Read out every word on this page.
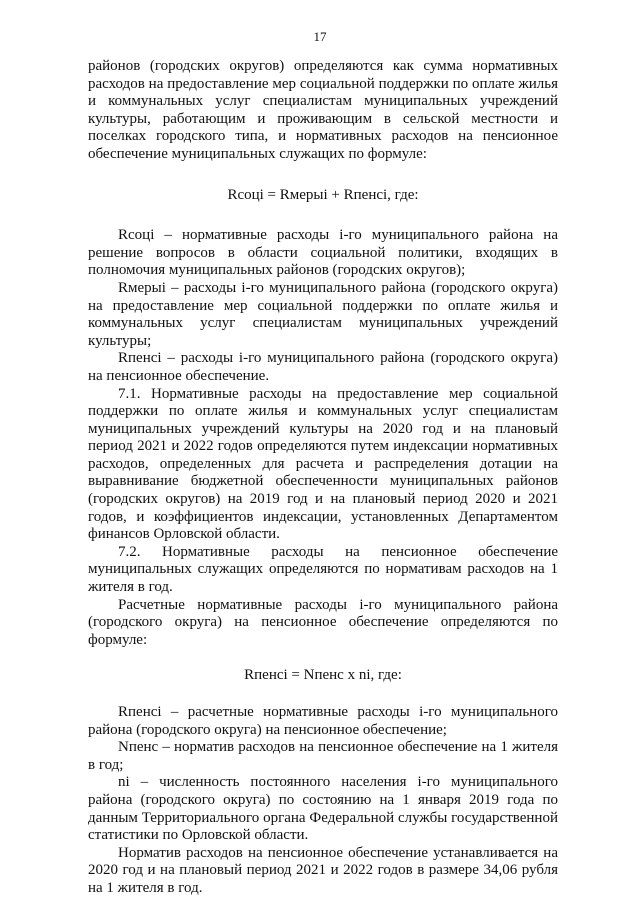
17

районов (городских округов) определяются как сумма нормативных расходов на предоставление мер социальной поддержки по оплате жилья и коммунальных услуг специалистам муниципальных учреждений культуры, работающим и проживающим в сельской местности и поселках городского типа, и нормативных расходов на пенсионное обеспечение муниципальных служащих по формуле:

Rсоцi = Rмерыi + Rпенсi, где:

Rсоцi – нормативные расходы i-го муниципального района на решение вопросов в области социальной политики, входящих в полномочия муниципальных районов (городских округов);

Rмерыi – расходы i-го муниципального района (городского округа) на предоставление мер социальной поддержки по оплате жилья и коммунальных услуг специалистам муниципальных учреждений культуры;

Rпенсi – расходы i-го муниципального района (городского округа) на пенсионное обеспечение.

7.1. Нормативные расходы на предоставление мер социальной поддержки по оплате жилья и коммунальных услуг специалистам муниципальных учреждений культуры на 2020 год и на плановый период 2021 и 2022 годов определяются путем индексации нормативных расходов, определенных для расчета и распределения дотации на выравнивание бюджетной обеспеченности муниципальных районов (городских округов) на 2019 год и на плановый период 2020 и 2021 годов, и коэффициентов индексации, установленных Департаментом финансов Орловской области.

7.2. Нормативные расходы на пенсионное обеспечение муниципальных служащих определяются по нормативам расходов на 1 жителя в год.

Расчетные нормативные расходы i-го муниципального района (городского округа) на пенсионное обеспечение определяются по формуле:

Rпенсi = Nпенс x ni, где:

Rпенсi – расчетные нормативные расходы i-го муниципального района (городского округа) на пенсионное обеспечение;

Nпенс – норматив расходов на пенсионное обеспечение на 1 жителя в год;

ni – численность постоянного населения i-го муниципального района (городского округа) по состоянию на 1 января 2019 года по данным Территориального органа Федеральной службы государственной статистики по Орловской области.

Норматив расходов на пенсионное обеспечение устанавливается на 2020 год и на плановый период 2021 и 2022 годов в размере 34,06 рубля на 1 жителя в год.
